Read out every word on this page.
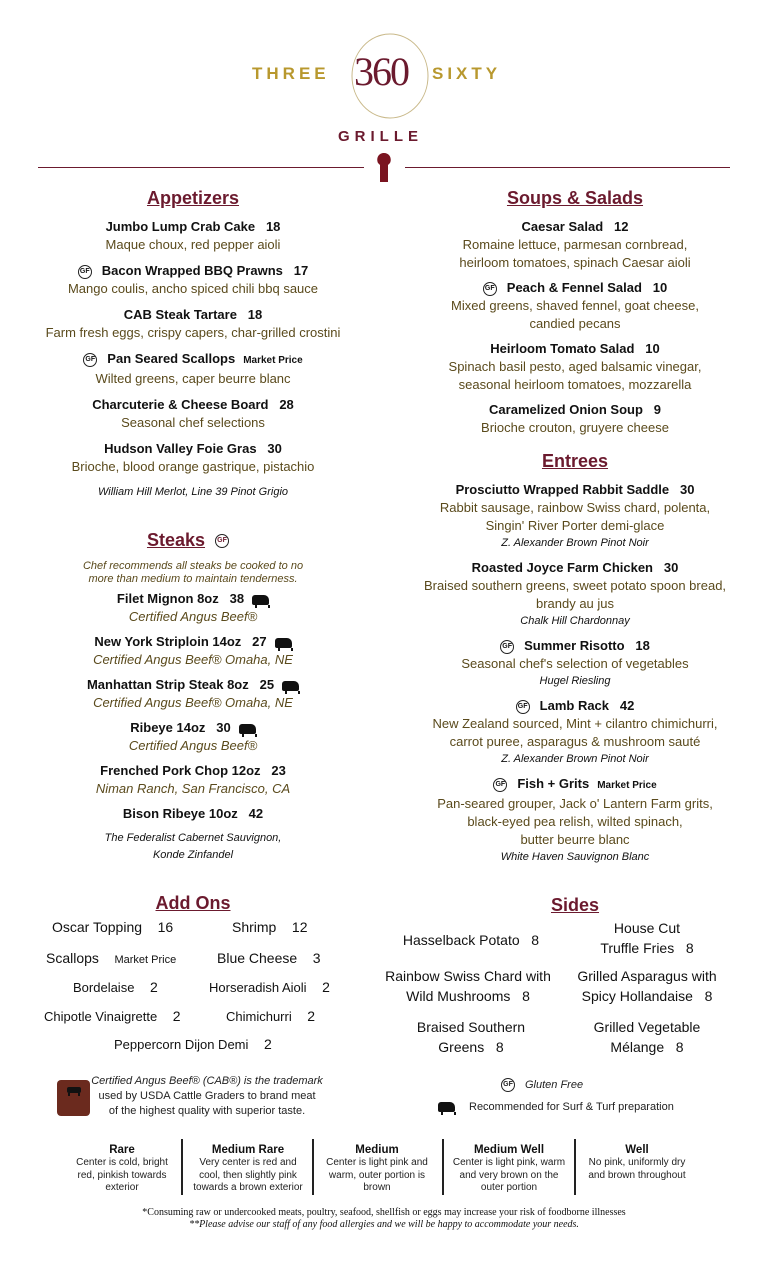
THREE 360 SIXTY
GRILLE
Appetizers
Jumbo Lump Crab Cake 18
Maque choux, red pepper aioli
GF Bacon Wrapped BBQ Prawns 17
Mango coulis, ancho spiced chili bbq sauce
CAB Steak Tartare 18
Farm fresh eggs, crispy capers, char-grilled crostini
GF Pan Seared Scallops Market Price
Wilted greens, caper beurre blanc
Charcuterie & Cheese Board 28
Seasonal chef selections
Hudson Valley Foie Gras 30
Brioche, blood orange gastrique, pistachio
William Hill Merlot, Line 39 Pinot Grigio
Steaks GF
Chef recommends all steaks be cooked to no
more than medium to maintain tenderness.
Filet Mignon 8oz 38
Certified Angus Beef®
New York Striploin 14oz 27
Certified Angus Beef® Omaha, NE
Manhattan Strip Steak 8oz 25
Certified Angus Beef® Omaha, NE
Ribeye 14oz 30
Certified Angus Beef®
Frenched Pork Chop 12oz 23
Niman Ranch, San Francisco, CA
Bison Ribeye 10oz 42
The Federalist Cabernet Sauvignon,
Konde Zinfandel
Soups & Salads
Caesar Salad 12
Romaine lettuce, parmesan cornbread,
heirloom tomatoes, spinach Caesar aioli
GF Peach & Fennel Salad 10
Mixed greens, shaved fennel, goat cheese,
candied pecans
Heirloom Tomato Salad 10
Spinach basil pesto, aged balsamic vinegar,
seasonal heirloom tomatoes, mozzarella
Caramelized Onion Soup 9
Brioche crouton, gruyere cheese
Entrees
Prosciutto Wrapped Rabbit Saddle 30
Rabbit sausage, rainbow Swiss chard, polenta,
Singin' River Porter demi-glace
Z. Alexander Brown Pinot Noir
Roasted Joyce Farm Chicken 30
Braised southern greens, sweet potato spoon bread,
brandy au jus
Chalk Hill Chardonnay
GF Summer Risotto 18
Seasonal chef's selection of vegetables
Hugel Riesling
GF Lamb Rack 42
New Zealand sourced, Mint + cilantro chimichurri,
carrot puree, asparagus & mushroom sauté
Z. Alexander Brown Pinot Noir
GF Fish + Grits Market Price
Pan-seared grouper, Jack o' Lantern Farm grits,
black-eyed pea relish, wilted spinach,
butter beurre blanc
White Haven Sauvignon Blanc
Add Ons
Oscar Topping 16	Shrimp 12
Scallops Market Price	Blue Cheese 3
Bordelaise 2	Horseradish Aioli 2
Chipotle Vinaigrette 2	Chimichurri 2
Peppercorn Dijon Demi 2
Sides
Hasselback Potato 8
House Cut
Truffle Fries 8
Rainbow Swiss Chard with
Wild Mushrooms 8
Grilled Asparagus with
Spicy Hollandaise 8
Braised Southern
Greens 8
Grilled Vegetable
Mélange 8
Certified Angus Beef® (CAB®) is the trademark
used by USDA Cattle Graders to brand meat
of the highest quality with superior taste.
GF Gluten Free
Recommended for Surf & Turf preparation
Rare
Center is cold, bright
red, pinkish towards
exterior
Medium Rare
Very center is red and
cool, then slightly pink
towards a brown exterior
Medium
Center is light pink and
warm, outer portion is
brown
Medium Well
Center is light pink, warm
and very brown on the
outer portion
Well
No pink, uniformly dry
and brown throughout
*Consuming raw or undercooked meats, poultry, seafood, shellfish or eggs may increase your risk of foodborne illnesses
**Please advise our staff of any food allergies and we will be happy to accommodate your needs.
